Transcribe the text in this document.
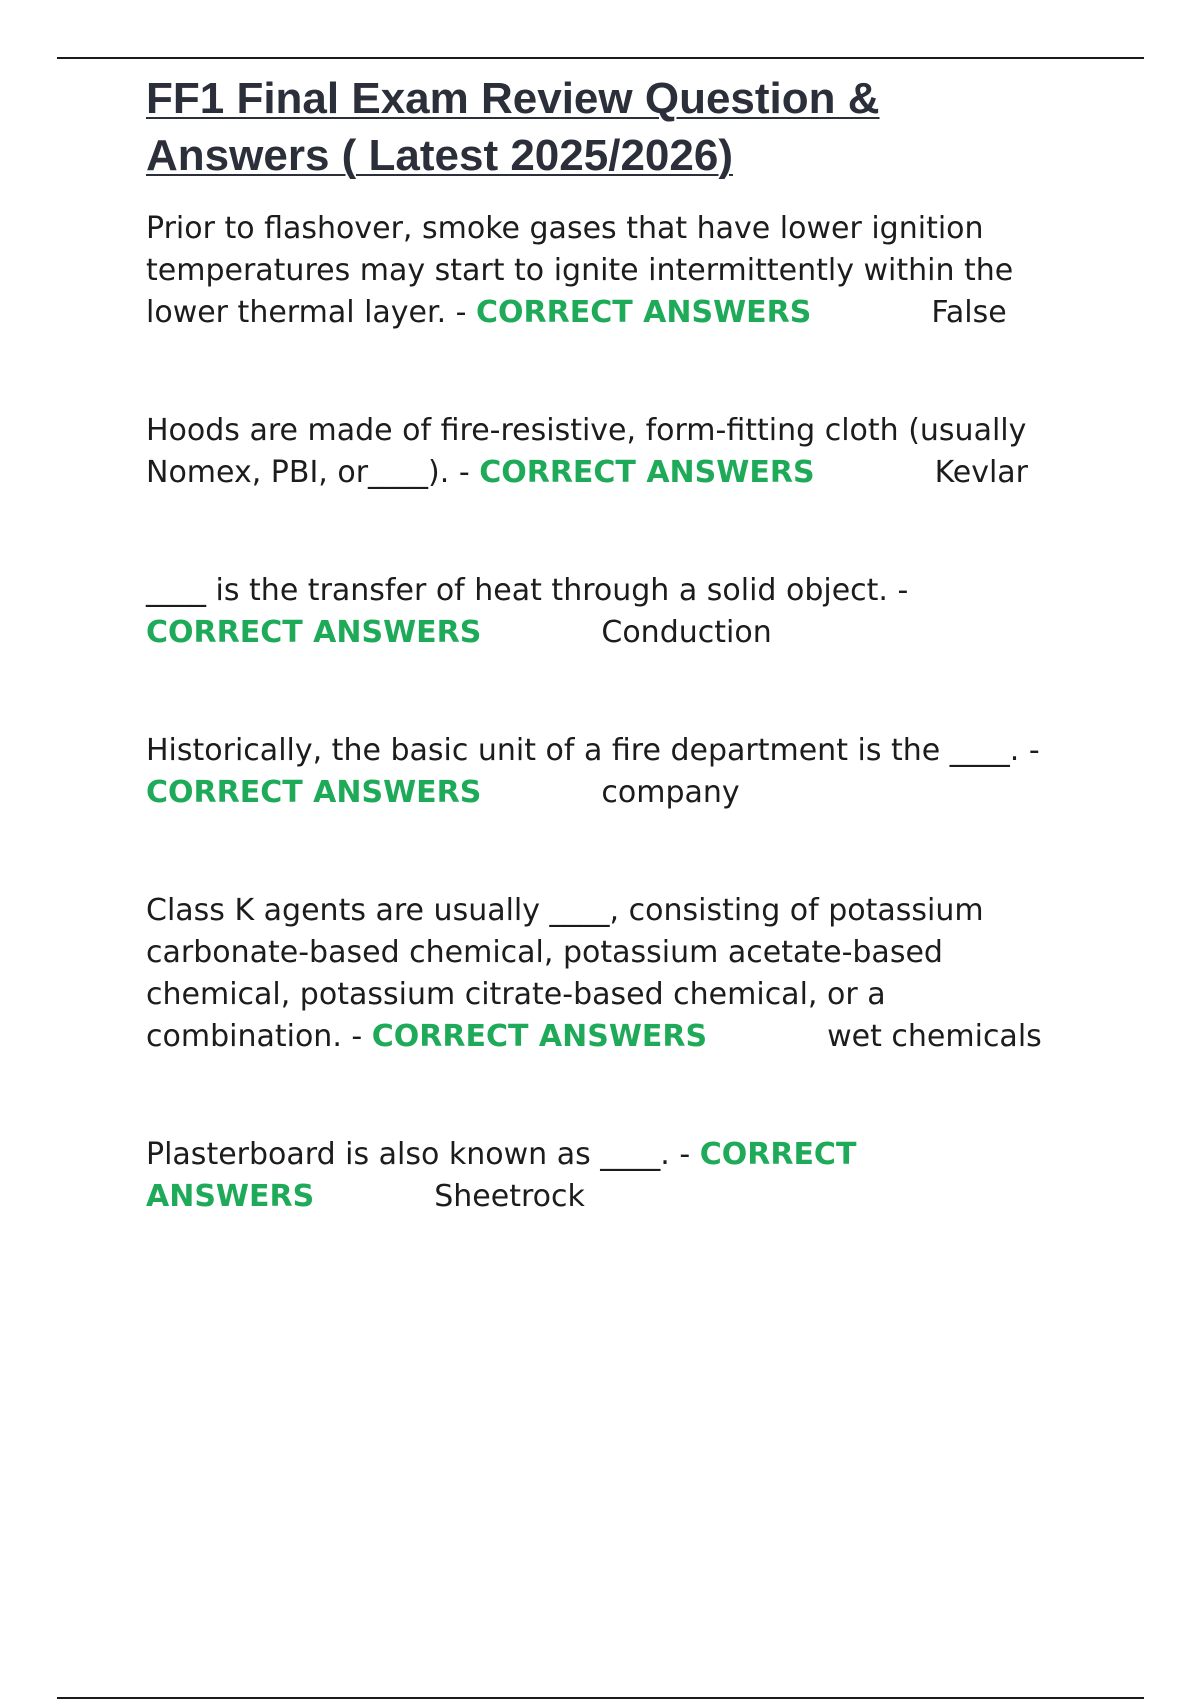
FF1 Final Exam Review Question & Answers ( Latest 2025/2026)

Prior to flashover, smoke gases that have lower ignition temperatures may start to ignite intermittently within the lower thermal layer. - CORRECT ANSWERS	False

Hoods are made of fire-resistive, form-fitting cloth (usually Nomex, PBI, or____). - CORRECT ANSWERS	Kevlar

____ is the transfer of heat through a solid object. - CORRECT ANSWERS	Conduction

Historically, the basic unit of a fire department is the ____. - CORRECT ANSWERS	company

Class K agents are usually ____, consisting of potassium carbonate-based chemical, potassium acetate-based chemical, potassium citrate-based chemical, or a combination. - CORRECT ANSWERS	wet chemicals

Plasterboard is also known as ____. - CORRECT ANSWERS	Sheetrock
